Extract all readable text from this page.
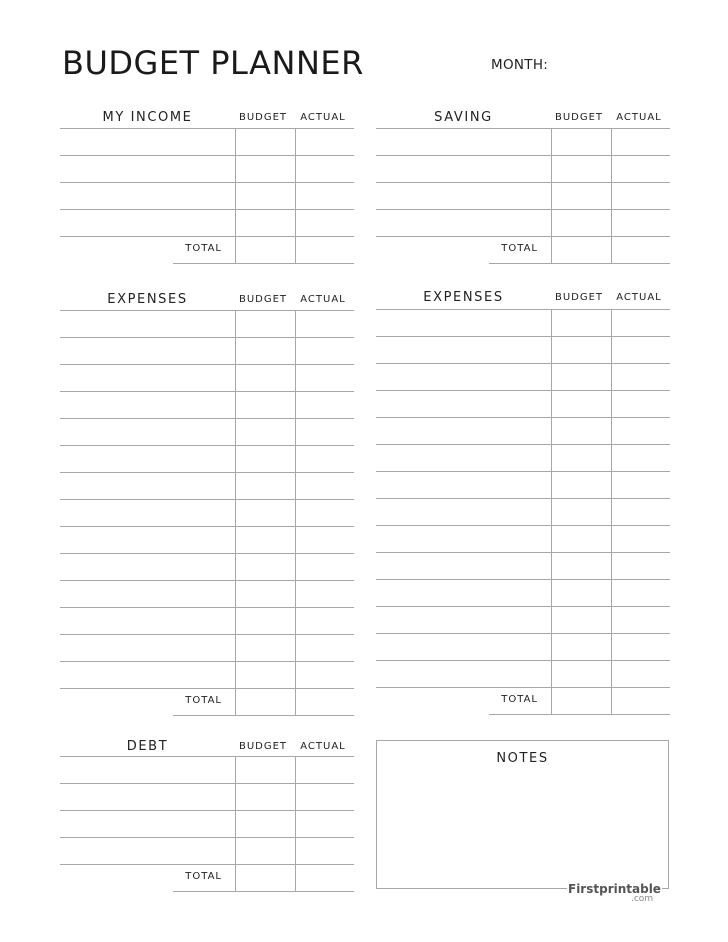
BUDGET PLANNER	MONTH:
MY INCOME	BUDGET	ACTUAL
TOTAL
SAVING	BUDGET	ACTUAL
TOTAL
EXPENSES	BUDGET	ACTUAL
TOTAL
EXPENSES	BUDGET	ACTUAL
TOTAL
DEBT	BUDGET	ACTUAL
TOTAL
NOTES
Firstprintable
.com
